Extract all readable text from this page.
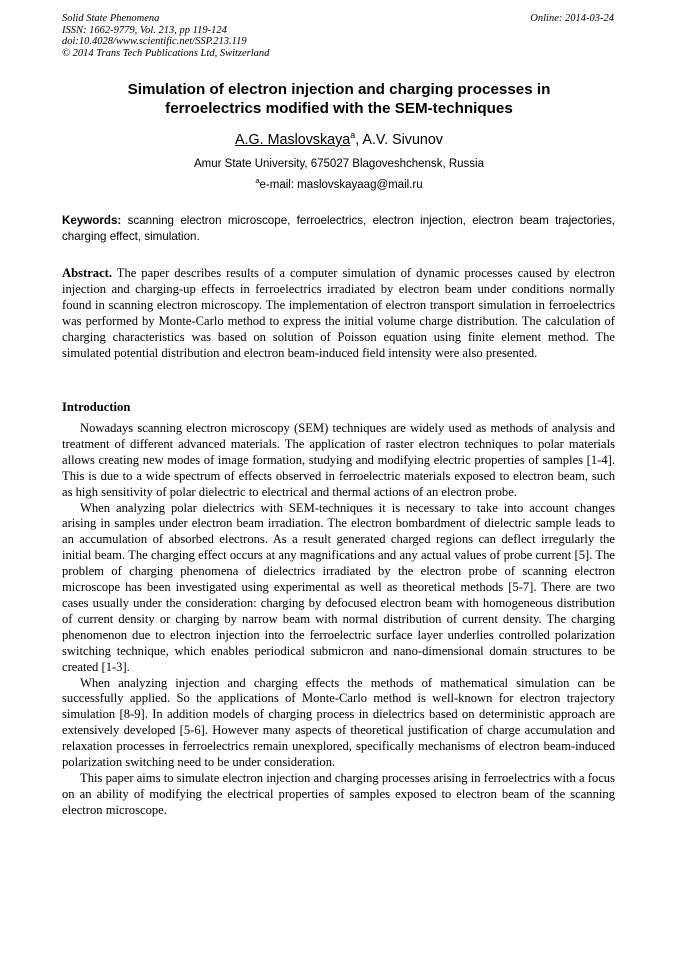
Solid State Phenomena
ISSN: 1662-9779, Vol. 213, pp 119-124
doi:10.4028/www.scientific.net/SSP.213.119
© 2014 Trans Tech Publications Ltd, Switzerland
Online: 2014-03-24
Simulation of electron injection and charging processes in
ferroelectrics modified with the SEM-techniques
A.G. Maslovskaya$^a$, A.V. Sivunov
Amur State University, 675027 Blagoveshchensk, Russia
$^a$e-mail: maslovskayaag@mail.ru
Keywords: scanning electron microscope, ferroelectrics, electron injection, electron beam trajectories, charging effect, simulation.
Abstract. The paper describes results of a computer simulation of dynamic processes caused by electron injection and charging-up effects in ferroelectrics irradiated by electron beam under conditions normally found in scanning electron microscopy. The implementation of electron transport simulation in ferroelectrics was performed by Monte-Carlo method to express the initial volume charge distribution. The calculation of charging characteristics was based on solution of Poisson equation using finite element method. The simulated potential distribution and electron beam-induced field intensity were also presented.
Introduction

Nowadays scanning electron microscopy (SEM) techniques are widely used as methods of analysis and treatment of different advanced materials. The application of raster electron techniques to polar materials allows creating new modes of image formation, studying and modifying electric properties of samples [1-4]. This is due to a wide spectrum of effects observed in ferroelectric materials exposed to electron beam, such as high sensitivity of polar dielectric to electrical and thermal actions of an electron probe.

When analyzing polar dielectrics with SEM-techniques it is necessary to take into account changes arising in samples under electron beam irradiation. The electron bombardment of dielectric sample leads to an accumulation of absorbed electrons. As a result generated charged regions can deflect irregularly the initial beam. The charging effect occurs at any magnifications and any actual values of probe current [5]. The problem of charging phenomena of dielectrics irradiated by the electron probe of scanning electron microscope has been investigated using experimental as well as theoretical methods [5-7]. There are two cases usually under the consideration: charging by defocused electron beam with homogeneous distribution of current density or charging by narrow beam with normal distribution of current density. The charging phenomenon due to electron injection into the ferroelectric surface layer underlies controlled polarization switching technique, which enables periodical submicron and nano-dimensional domain structures to be created [1-3].

When analyzing injection and charging effects the methods of mathematical simulation can be successfully applied. So the applications of Monte-Carlo method is well-known for electron trajectory simulation [8-9]. In addition models of charging process in dielectrics based on deterministic approach are extensively developed [5-6]. However many aspects of theoretical justification of charge accumulation and relaxation processes in ferroelectrics remain unexplored, specifically mechanisms of electron beam-induced polarization switching need to be under consideration.

This paper aims to simulate electron injection and charging processes arising in ferroelectrics with a focus on an ability of modifying the electrical properties of samples exposed to electron beam of the scanning electron microscope.
